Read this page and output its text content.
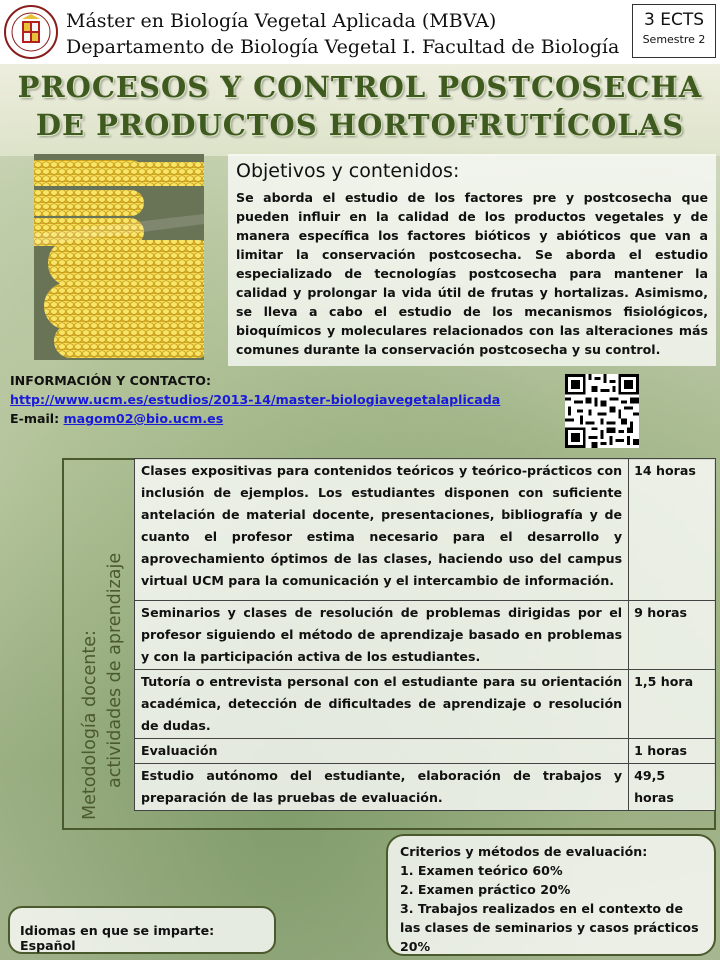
Máster en Biología Vegetal Aplicada (MBVA)
Departamento de Biología Vegetal I. Facultad de Biología
3 ECTS
Semestre 2
PROCESOS Y CONTROL POSTCOSECHA
DE PRODUCTOS HORTOFRUTÍCOLAS
Objetivos y contenidos:
Se aborda el estudio de los factores pre y postcosecha que pueden influir en la calidad de los productos vegetales y de manera específica los factores bióticos y abióticos que van a limitar la conservación postcosecha. Se aborda el estudio especializado de tecnologías postcosecha para mantener la calidad y prolongar la vida útil de frutas y hortalizas. Asimismo, se lleva a cabo el estudio de los mecanismos fisiológicos, bioquímicos y moleculares relacionados con las alteraciones más comunes durante la conservación postcosecha y su control.
INFORMACIÓN Y CONTACTO:
http://www.ucm.es/estudios/2013-14/master-biologiavegetalaplicada
E-mail: magom02@bio.ucm.es
Metodología docente: actividades de aprendizaje
Clases expositivas para contenidos teóricos y teórico-prácticos con inclusión de ejemplos. Los estudiantes disponen con suficiente antelación de material docente, presentaciones, bibliografía y de cuanto el profesor estima necesario para el desarrollo y aprovechamiento óptimos de las clases, haciendo uso del campus virtual UCM para la comunicación y el intercambio de información.	14 horas
Seminarios y clases de resolución de problemas dirigidas por el profesor siguiendo el método de aprendizaje basado en problemas y con la participación activa de los estudiantes.	9 horas
Tutoría o entrevista personal con el estudiante para su orientación académica, detección de dificultades de aprendizaje o resolución de dudas.	1,5 hora
Evaluación	1 horas
Estudio autónomo del estudiante, elaboración de trabajos y preparación de las pruebas de evaluación.	49,5 horas
Criterios y métodos de evaluación:
1. Examen teórico 60%
2. Examen práctico 20%
3. Trabajos realizados en el contexto de las clases de seminarios y casos prácticos 20%
Idiomas en que se imparte: Español
